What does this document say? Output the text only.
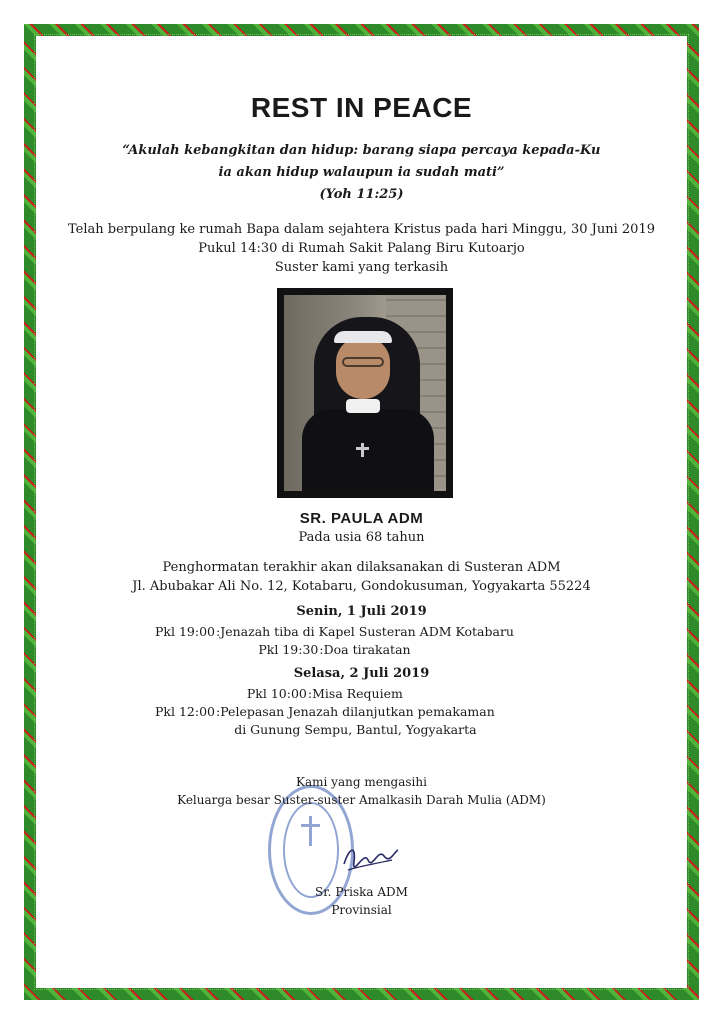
REST IN PEACE
“Akulah kebangkitan dan hidup: barang siapa percaya kepada-Ku
ia akan hidup walaupun ia sudah mati”
(Yoh 11:25)
Telah berpulang ke rumah Bapa dalam sejahtera Kristus pada hari Minggu, 30 Juni 2019
Pukul 14:30 di Rumah Sakit Palang Biru Kutoarjo
Suster kami yang terkasih
SR. PAULA ADM
Pada usia 68 tahun
Penghormatan terakhir akan dilaksanakan di Susteran ADM
Jl. Abubakar Ali No. 12, Kotabaru, Gondokusuman, Yogyakarta 55224
Senin, 1 Juli 2019
Pkl 19:00:Jenazah tiba di Kapel Susteran ADM Kotabaru
Pkl 19:30:Doa tirakatan
Selasa, 2 Juli 2019
Pkl 10:00:Misa Requiem
Pkl 12:00:Pelepasan Jenazah dilanjutkan pemakaman
di Gunung Sempu, Bantul, Yogyakarta
Kami yang mengasihi
Keluarga besar Suster-suster Amalkasih Darah Mulia (ADM)
Sr. Priska ADM
Provinsial
